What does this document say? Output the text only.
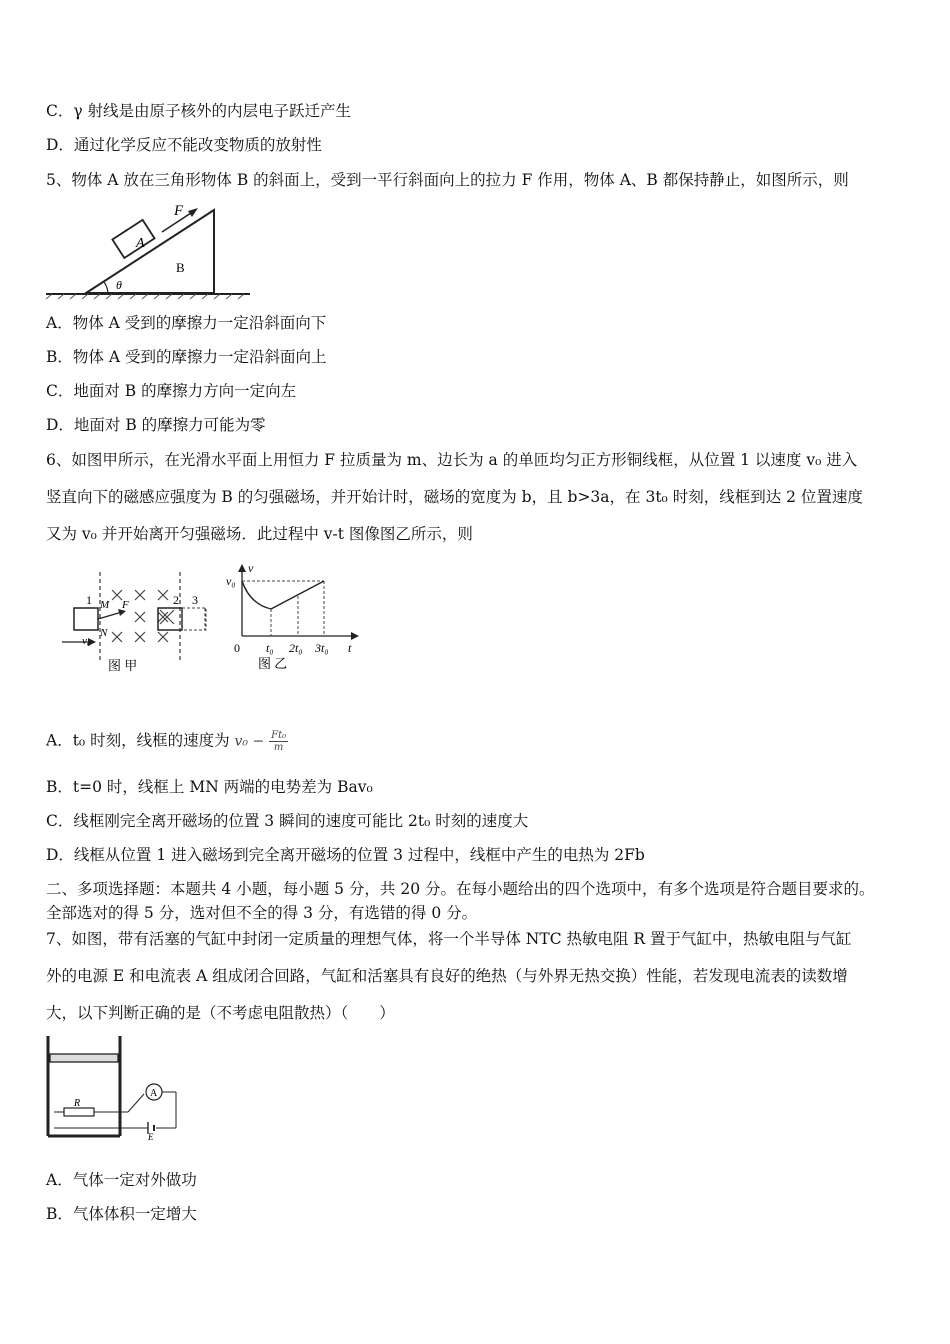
C．γ 射线是由原子核外的内层电子跃迁产生
D．通过化学反应不能改变物质的放射性
5、物体 A 放在三角形物体 B 的斜面上，受到一平行斜面向上的拉力 F 作用，物体 A、B 都保持静止，如图所示，则
F
A
B
θ
A．物体 A 受到的摩擦力一定沿斜面向下
B．物体 A 受到的摩擦力一定沿斜面向上
C．地面对 B 的摩擦力方向一定向左
D．地面对 B 的摩擦力可能为零
6、如图甲所示，在光滑水平面上用恒力 F 拉质量为 m、边长为 a 的单匝均匀正方形铜线框，从位置 1 以速度 v₀ 进入
竖直向下的磁感应强度为 B 的匀强磁场，并开始计时，磁场的宽度为 b，且 b>3a，在 3t₀ 时刻，线框到达 2 位置速度
又为 v₀ 并开始离开匀强磁场．此过程中 v-t 图像图乙所示，则
1	2 3
M
N
F
v₀
图 甲
v
v₀
0 t₀ 2t₀ 3t₀ t
图 乙
A．t₀ 时刻，线框的速度为 $v_0 - \frac{\text{Ft₀}}{m}$
B．t=0 时，线框上 MN 两端的电势差为 Bav₀
C．线框刚完全离开磁场的位置 3 瞬间的速度可能比 2t₀ 时刻的速度大
D．线框从位置 1 进入磁场到完全离开磁场的位置 3 过程中，线框中产生的电热为 2Fb
二、多项选择题：本题共 4 小题，每小题 5 分，共 20 分。在每小题给出的四个选项中，有多个选项是符合题目要求的。
全部选对的得 5 分，选对但不全的得 3 分，有选错的得 0 分。
7、如图，带有活塞的气缸中封闭一定质量的理想气体，将一个半导体 NTC 热敏电阻 R 置于气缸中，热敏电阻与气缸
外的电源 E 和电流表 A 组成闭合回路，气缸和活塞具有良好的绝热（与外界无热交换）性能，若发现电流表的读数增
大，以下判断正确的是（不考虑电阻散热）（　　）
R
A
E
A．气体一定对外做功
B．气体体积一定增大
